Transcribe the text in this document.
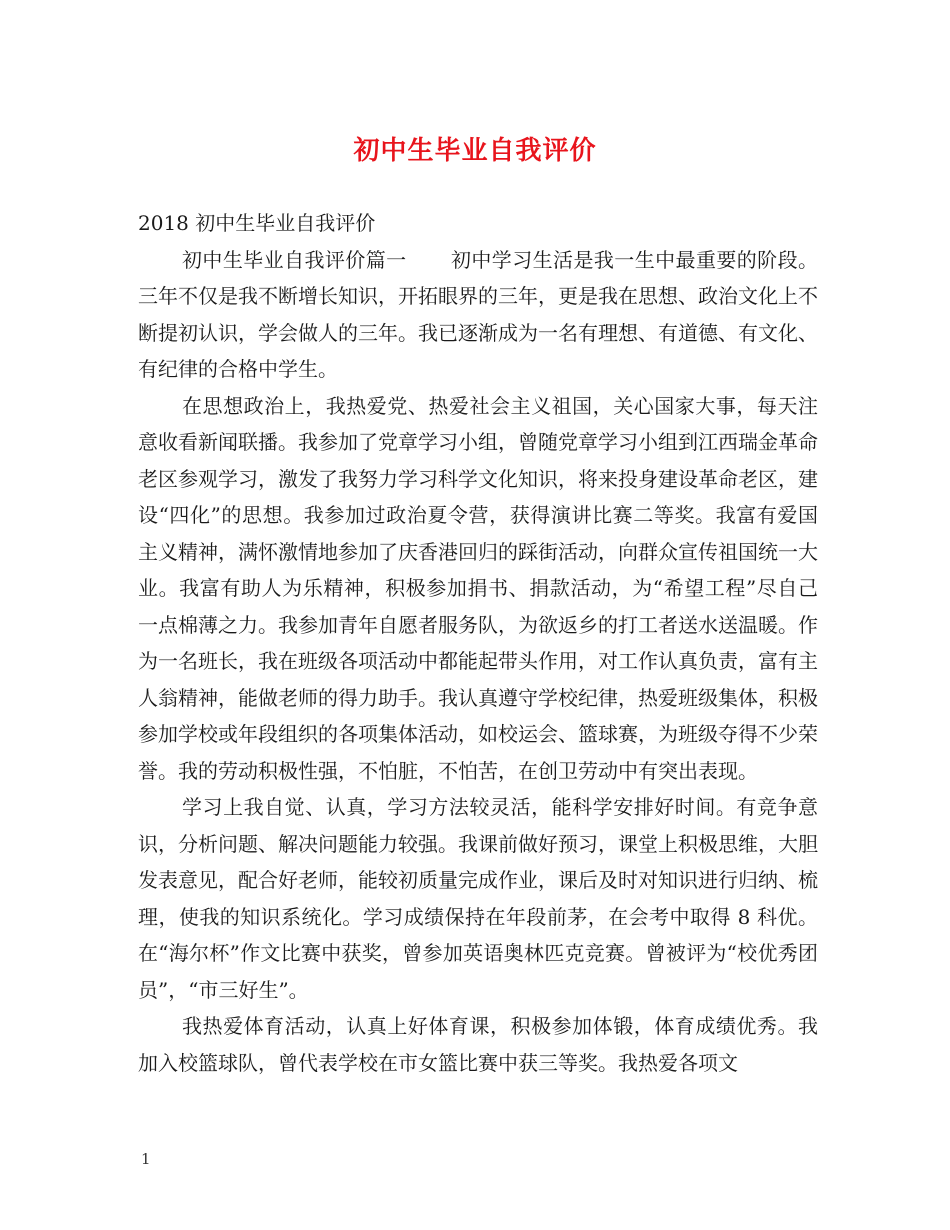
初中生毕业自我评价

2018 初中生毕业自我评价

初中生毕业自我评价篇一 初中学习生活是我一生中最重要的阶段。三年不仅是我不断增长知识，开拓眼界的三年，更是我在思想、政治文化上不断提初认识，学会做人的三年。我已逐渐成为一名有理想、有道德、有文化、有纪律的合格中学生。

在思想政治上，我热爱党、热爱社会主义祖国，关心国家大事，每天注意收看新闻联播。我参加了党章学习小组，曾随党章学习小组到江西瑞金革命老区参观学习，激发了我努力学习科学文化知识，将来投身建设革命老区，建设“四化”的思想。我参加过政治夏令营，获得演讲比赛二等奖。我富有爱国主义精神，满怀激情地参加了庆香港回归的踩街活动，向群众宣传祖国统一大业。我富有助人为乐精神，积极参加捐书、捐款活动，为“希望工程”尽自己一点棉薄之力。我参加青年自愿者服务队，为欲返乡的打工者送水送温暖。作为一名班长，我在班级各项活动中都能起带头作用，对工作认真负责，富有主人翁精神，能做老师的得力助手。我认真遵守学校纪律，热爱班级集体，积极参加学校或年段组织的各项集体活动，如校运会、篮球赛，为班级夺得不少荣誉。我的劳动积极性强，不怕脏，不怕苦，在创卫劳动中有突出表现。

学习上我自觉、认真，学习方法较灵活，能科学安排好时间。有竞争意识，分析问题、解决问题能力较强。我课前做好预习，课堂上积极思维，大胆发表意见，配合好老师，能较初质量完成作业，课后及时对知识进行归纳、梳理，使我的知识系统化。学习成绩保持在年段前茅，在会考中取得 8 科优。在“海尔杯”作文比赛中获奖，曾参加英语奥林匹克竞赛。曾被评为“校优秀团员”，“市三好生”。

我热爱体育活动，认真上好体育课，积极参加体锻，体育成绩优秀。我加入校篮球队，曾代表学校在市女篮比赛中获三等奖。我热爱各项文

1
